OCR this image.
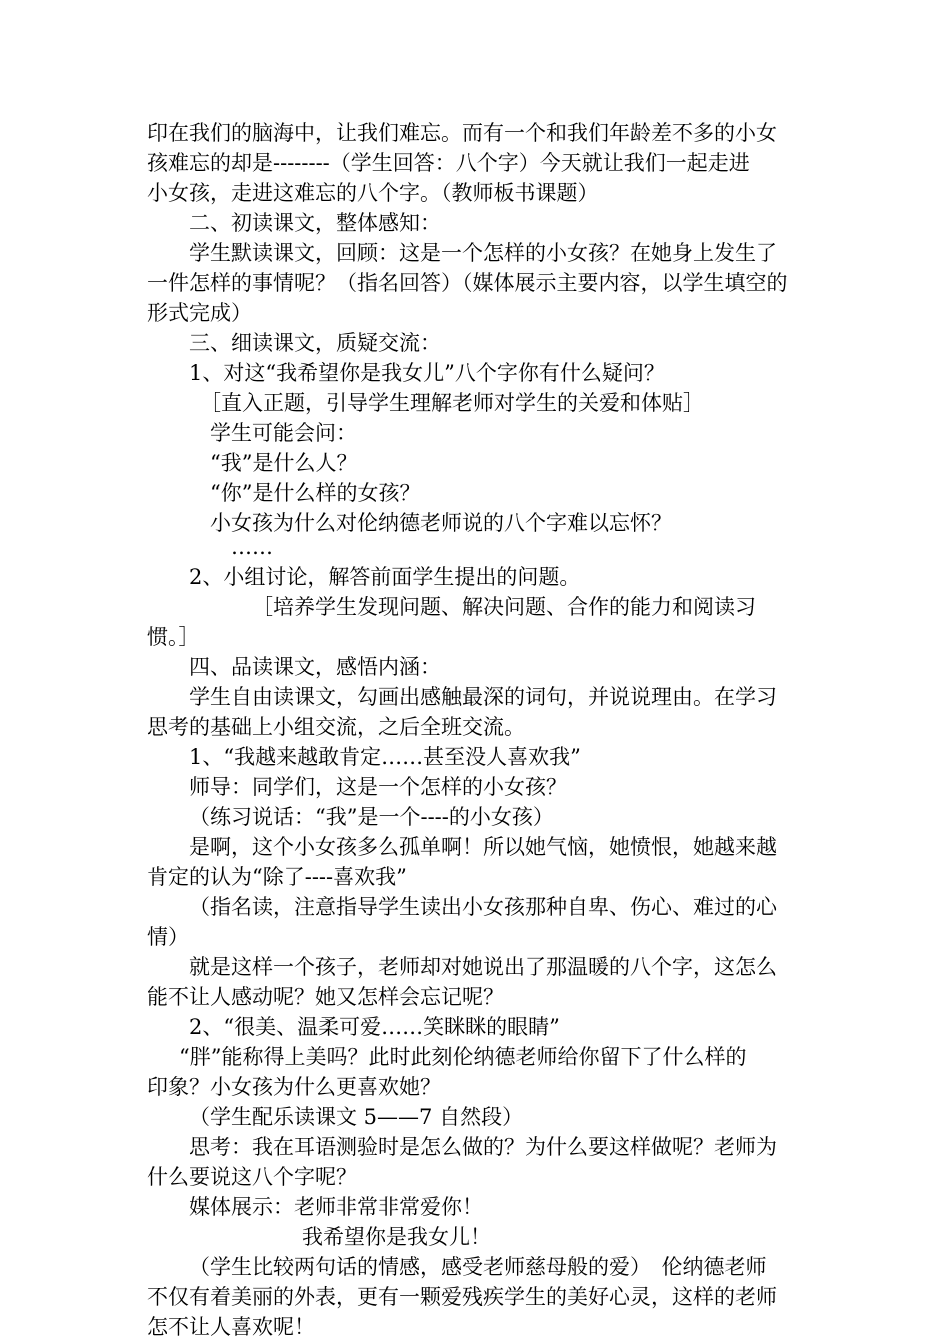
印在我们的脑海中，让我们难忘。而有一个和我们年龄差不多的小女
孩难忘的却是--------（学生回答：八个字）今天就让我们一起走进
小女孩，走进这难忘的八个字。（教师板书课题）
二、初读课文，整体感知：
学生默读课文，回顾：这是一个怎样的小女孩？在她身上发生了
一件怎样的事情呢？（指名回答）（媒体展示主要内容，以学生填空的
形式完成）
三、细读课文，质疑交流：
1、对这“我希望你是我女儿”八个字你有什么疑问？
［直入正题，引导学生理解老师对学生的关爱和体贴］
学生可能会问：
“我”是什么人？
“你”是什么样的女孩？
小女孩为什么对伦纳德老师说的八个字难以忘怀？
……
2、小组讨论，解答前面学生提出的问题。
［培养学生发现问题、解决问题、合作的能力和阅读习
惯。］
四、品读课文，感悟内涵：
学生自由读课文，勾画出感触最深的词句，并说说理由。在学习
思考的基础上小组交流，之后全班交流。
1、“我越来越敢肯定……甚至没人喜欢我”
师导：同学们，这是一个怎样的小女孩？
（练习说话：“我”是一个----的小女孩）
是啊，这个小女孩多么孤单啊！所以她气恼，她愤恨，她越来越
肯定的认为“除了----喜欢我”
（指名读，注意指导学生读出小女孩那种自卑、伤心、难过的心
情）
就是这样一个孩子，老师却对她说出了那温暖的八个字，这怎么
能不让人感动呢？她又怎样会忘记呢？
2、“很美、温柔可爱……笑眯眯的眼睛”
“胖”能称得上美吗？此时此刻伦纳德老师给你留下了什么样的
印象？小女孩为什么更喜欢她？
（学生配乐读课文 5——7 自然段）
思考：我在耳语测验时是怎么做的？为什么要这样做呢？老师为
什么要说这八个字呢？
媒体展示：老师非常非常爱你！
我希望你是我女儿！
（学生比较两句话的情感，感受老师慈母般的爱）　伦纳德老师
不仅有着美丽的外表，更有一颗爱残疾学生的美好心灵，这样的老师
怎不让人喜欢呢！
